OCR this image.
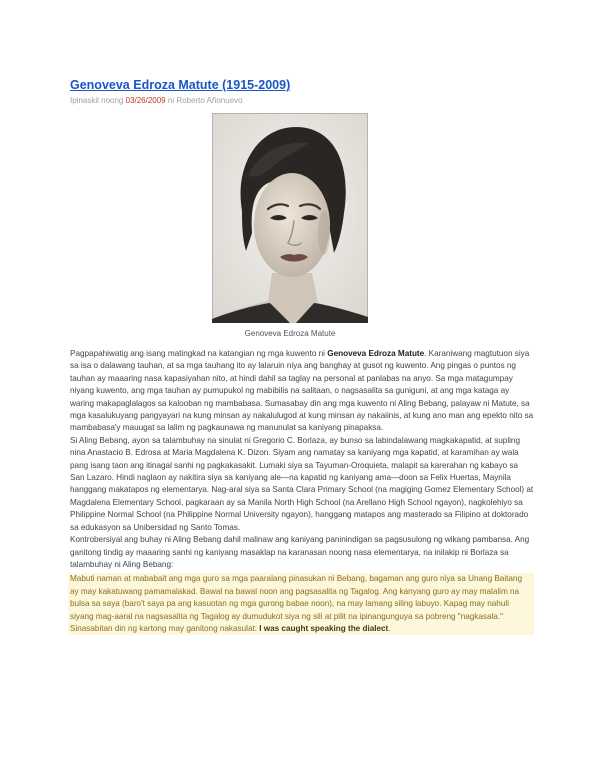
Genoveva Edroza Matute (1915-2009)
Ipinaskil noong 03/26/2009 ni Roberto Añonuevo
Genoveva Edroza Matute

Pagpapahiwatig ang isang matingkad na katangian ng mga kuwento ni Genoveva Edroza Matute. Karaniwang magtutuon siya sa isa o dalawang tauhan, at sa mga tauhang ito ay lalaruin niya ang banghay at gusot ng kuwento. Ang pingas o puntos ng tauhan ay maaaring nasa kapasiyahan nito, at hindi dahil sa taglay na personal at panlabas na anyo. Sa mga matagumpay niyang kuwento, ang mga tauhan ay pumupukol ng mabibilis na salitaan, o nagsasalita sa guniguni, at ang mga kataga ay waring makapaglalagos sa kalooban ng mambabasa. Sumasabay din ang mga kuwento ni Aling Bebang, palayaw ni Matute, sa mga kasalukuyang pangyayari na kung minsan ay nakalulugod at kung minsan ay nakaiinis, at kung ano man ang epekto nito sa mambabasa'y mauugat sa lalim ng pagkaunawa ng manunulat sa kaniyang pinapaksa.

Si Aling Bebang, ayon sa talambuhay na sinulat ni Gregorio C. Borlaza, ay bunso sa labindalawang magkakapatid, at supling nina Anastacio B. Edrosa at Maria Magdalena K. Dizon. Siyam ang namatay sa kaniyang mga kapatid, at karamihan ay wala pang isang taon ang itinagal sanhi ng pagkakasakit. Lumaki siya sa Tayuman-Oroquieta, malapit sa karerahan ng kabayo sa San Lazaro. Hindi naglaon ay nakitira siya sa kaniyang ale—na kapatid ng kaniyang ama—doon sa Felix Huertas, Maynila hanggang makatapos ng elementarya. Nag-aral siya sa Santa Clara Primary School (na magiging Gomez Elementary School) at Magdalena Elementary School, pagkaraan ay sa Manila North High School (na Arellano High School ngayon), nagkolehiyo sa Philippine Normal School (na Philippine Normal University ngayon), hanggang matapos ang masterado sa Filipino at doktorado sa edukasyon sa Unibersidad ng Santo Tomas.

Kontrobersiyal ang buhay ni Aling Bebang dahil malinaw ang kaniyang paninindigan sa pagsusulong ng wikang pambansa. Ang ganitong tindig ay maaaring sanhi ng kaniyang masaklap na karanasan noong nasa elementarya, na inilakip ni Borlaza sa talambuhay ni Aling Bebang:

Mabuti naman at mababait ang mga guro sa mga paaralang pinasukan ni Bebang, bagaman ang guro niya sa Unang Baitang ay may kakatuwang pamamalakad. Bawal na bawal noon ang pagsasalita ng Tagalog. Ang kanyang guro ay may malalim na bulsa sa saya (baro't saya pa ang kasuotan ng mga gurong babae noon), na may lamang siling labuyo. Kapag may nahuli siyang mag-aaral na nagsasalita ng Tagalog ay dumudukot siya ng sili at pilit na ipinangunguya sa pobreng "nagkasala." Sinasabitan din ng kartong may ganitong nakasulat: I was caught speaking the dialect.
